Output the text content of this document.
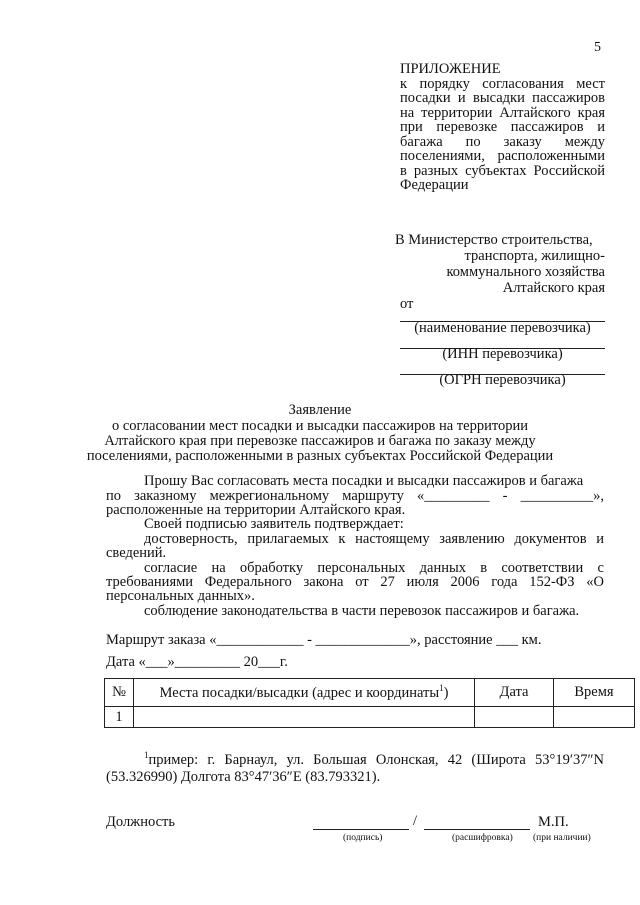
5
ПРИЛОЖЕНИЕ
к порядку согласования мест
посадки и высадки пассажиров
на территории Алтайского края
при перевозке пассажиров и
багажа по заказу между
поселениями, расположенными
в разных субъектах Российской
Федерации
В Министерство строительства,
транспорта, жилищно-
коммунального хозяйства
Алтайского края
от
(наименование перевозчика)
(ИНН перевозчика)
(ОГРН перевозчика)
Заявление
о согласовании мест посадки и высадки пассажиров на территории
Алтайского края при перевозке пассажиров и багажа по заказу между
поселениями, расположенными в разных субъектах Российской Федерации
Прошу Вас согласовать места посадки и высадки пассажиров и багажа
по заказному межрегиональному маршруту «_________ - __________»,
расположенные на территории Алтайского края.
Своей подписью заявитель подтверждает:
достоверность, прилагаемых к настоящему заявлению документов и
сведений.
согласие на обработку персональных данных в соответствии с
требованиями Федерального закона от 27 июля 2006 года 152-ФЗ «О
персональных данных».
соблюдение законодательства в части перевозок пассажиров и багажа.
Маршрут заказа «____________ - _____________», расстояние ___ км.
Дата «___»_________ 20___г.
№	Места посадки/высадки (адрес и координаты$^1$)	Дата	Время
1			
$^1$пример: г. Барнаул, ул. Большая Олонская, 42 (Широта 53°19′37″N
(53.326990) Долгота 83°47′36″E (83.793321).
Должность	/	М.П.
(подпись)	(расшифровка) (при наличии)
